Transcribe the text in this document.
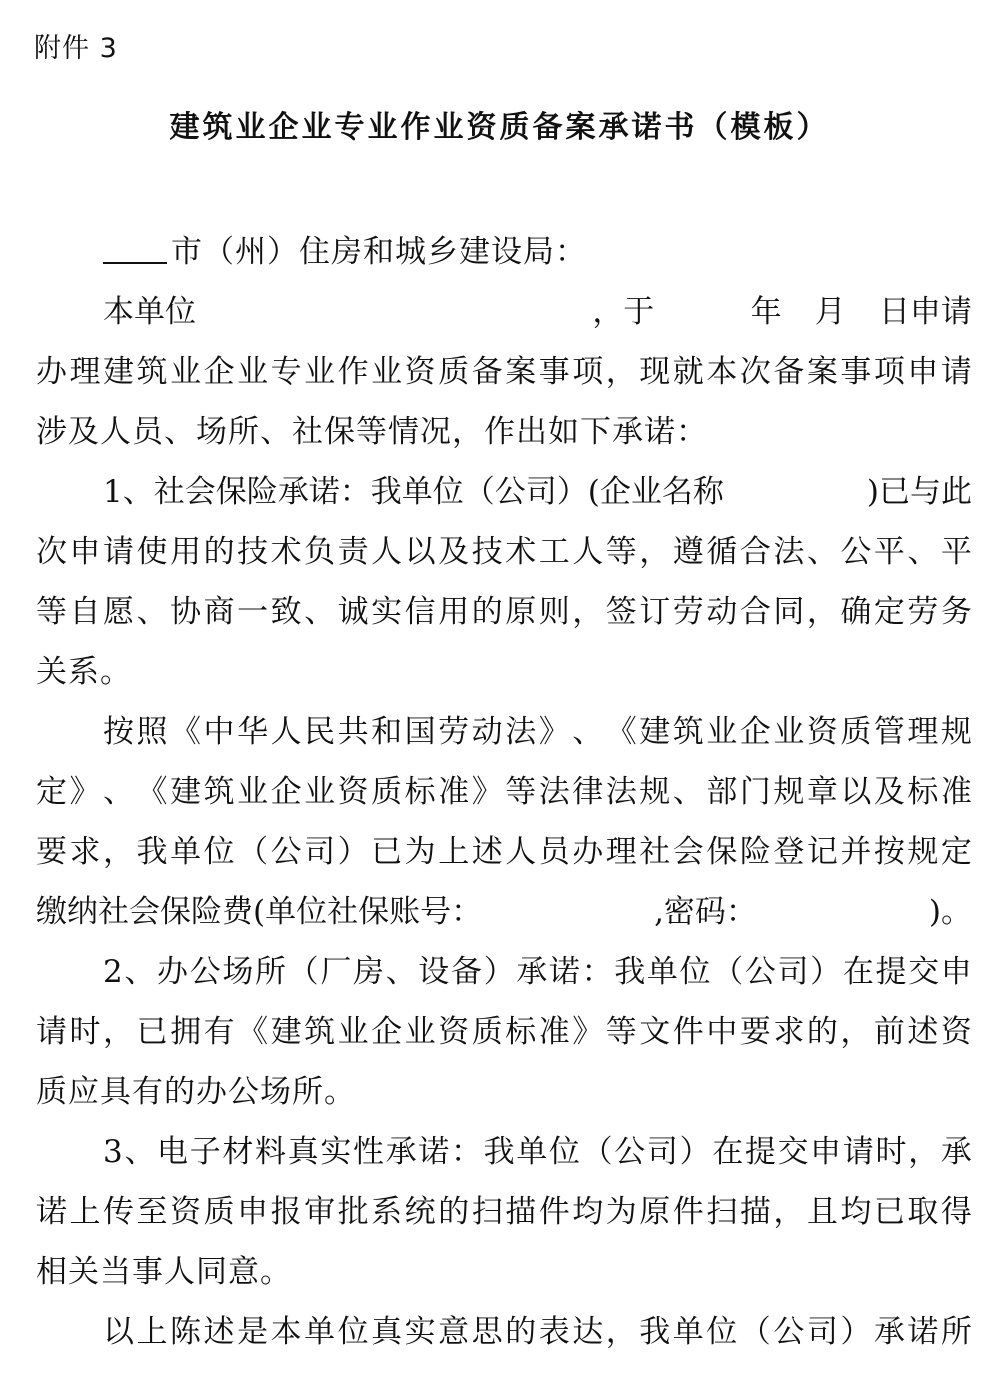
附件 3
建筑业企业专业作业资质备案承诺书（模板）
市（州）住房和城乡建设局：
本单位	，于	年 月 日申请
办 理 建 筑 业 企 业 专 业 作 业 资 质 备 案 事 项 ， 现 就 本 次 备 案 事 项 申 请
涉及人员、场所、社保等情况，作出如下承诺：
1、社会保险承诺：我单位（公司）(企业名称	)已与此
次 申 请 使 用 的 技 术 负 责 人 以 及 技 术 工 人 等 ， 遵 循 合 法 、 公 平 、 平
等 自 愿 、 协 商 一 致 、 诚 实 信 用 的 原 则 ， 签 订 劳 动 合 同 ， 确 定 劳 务
关系。
按 照 《 中 华 人 民 共 和 国 劳 动 法 》 、 《 建 筑 业 企 业 资 质 管 理 规
定 》 、 《 建 筑 业 企 业 资 质 标 准 》 等 法 律 法 规 、 部 门 规 章 以 及 标 准
要 求 ， 我 单 位 （ 公 司 ） 已 为 上 述 人 员 办 理 社 会 保 险 登 记 并 按 规 定
缴纳社会保险费(单位社保账号：	,密码：	)。
2 、 办 公 场 所 （ 厂 房 、 设 备 ） 承 诺 ： 我 单 位 （ 公 司 ） 在 提 交 申
请 时 ， 已 拥 有 《 建 筑 业 企 业 资 质 标 准 》 等 文 件 中 要 求 的 ， 前 述 资
质应具有的办公场所。
3 、 电 子 材 料 真 实 性 承 诺 ： 我 单 位 （ 公 司 ） 在 提 交 申 请 时 ， 承
诺 上 传 至 资 质 申 报 审 批 系 统 的 扫 描 件 均 为 原 件 扫 描 ， 且 均 已 取 得
相关当事人同意。
以 上 陈 述 是 本 单 位 真 实 意 思 的 表 达 ， 我 单 位 （ 公 司 ） 承 诺 所
